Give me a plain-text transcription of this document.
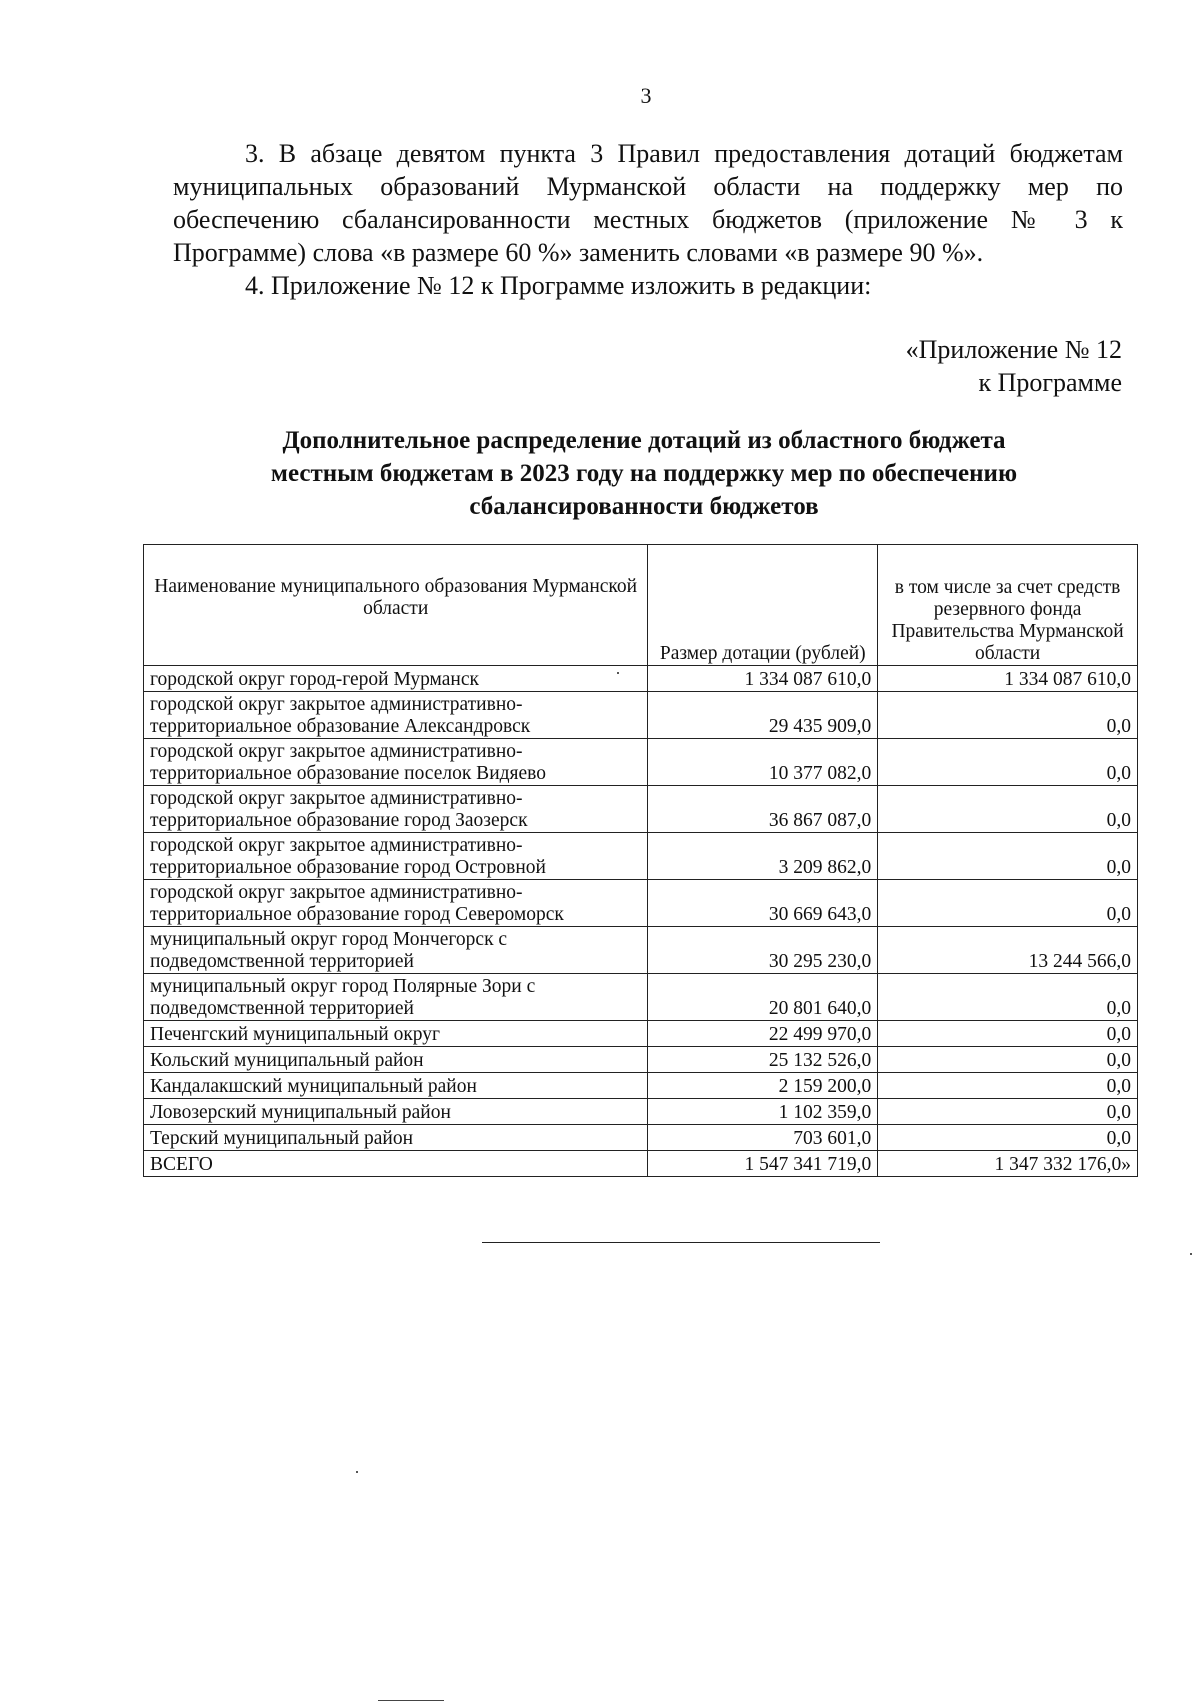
3

3. В абзаце девятом пункта 3 Правил предоставления дотаций бюджетам муниципальных образований Мурманской области на поддержку мер по обеспечению сбалансированности местных бюджетов (приложение № 3 к Программе) слова «в размере 60 %» заменить словами «в размере 90 %».

4. Приложение № 12 к Программе изложить в редакции:

«Приложение № 12
к Программе
Дополнительное распределение дотаций из областного бюджета
местным бюджетам в 2023 году на поддержку мер по обеспечению
сбалансированности бюджетов
Наименование муниципального образования Мурманской области	Размер дотации (рублей)	в том числе за счет средств резервного фонда Правительства Мурманской области
городской округ город-герой Мурманск	1 334 087 610,0	1 334 087 610,0
городской округ закрытое административно-территориальное образование Александровск	29 435 909,0	0,0
городской округ закрытое административно-территориальное образование поселок Видяево	10 377 082,0	0,0
городской округ закрытое административно-территориальное образование город Заозерск	36 867 087,0	0,0
городской округ закрытое административно-территориальное образование город Островной	3 209 862,0	0,0
городской округ закрытое административно-территориальное образование город Североморск	30 669 643,0	0,0
муниципальный округ город Мончегорск с подведомственной территорией	30 295 230,0	13 244 566,0
муниципальный округ город Полярные Зори с подведомственной территорией	20 801 640,0	0,0
Печенгский муниципальный округ	22 499 970,0	0,0
Кольский муниципальный район	25 132 526,0	0,0
Кандалакшский муниципальный район	2 159 200,0	0,0
Ловозерский муниципальный район	1 102 359,0	0,0
Терский муниципальный район	703 601,0	0,0
ВСЕГО	1 547 341 719,0	1 347 332 176,0»
